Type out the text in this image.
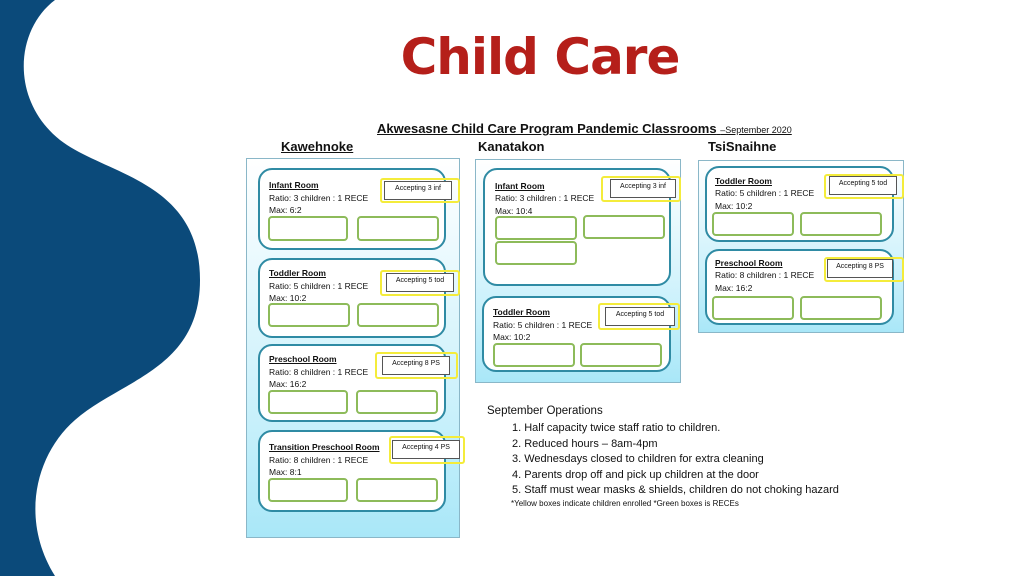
Child Care
Akwesasne Child Care Program Pandemic Classrooms –September 2020
Kawehnoke	Kanatakon	TsiSnaihne
Infant Room
Ratio: 3 children : 1 RECE
Max: 6:2
Accepting 3 inf
Toddler Room
Ratio: 5 children : 1 RECE
Max: 10:2
Accepting 5 tod
Preschool Room
Ratio: 8 children : 1 RECE
Max: 16:2
Accepting 8 PS
Transition Preschool Room
Ratio: 8 children : 1 RECE
Max: 8:1
Accepting 4 PS
Infant Room
Ratio: 3 children : 1 RECE
Max: 10:4
Accepting 3 inf
Toddler Room
Ratio: 5 children : 1 RECE
Max: 10:2
Accepting 5 tod
Toddler Room
Ratio: 5 children : 1 RECE
Max: 10:2
Accepting 5 tod
Preschool Room
Ratio: 8 children : 1 RECE
Max: 16:2
Accepting 8 PS
September Operations
1. Half capacity twice staff ratio to children.
2. Reduced hours – 8am-4pm
3. Wednesdays closed to children for extra cleaning
4. Parents drop off and pick up children at the door
5. Staff must wear masks & shields, children do not choking hazard
*Yellow boxes indicate children enrolled *Green boxes is RECEs
